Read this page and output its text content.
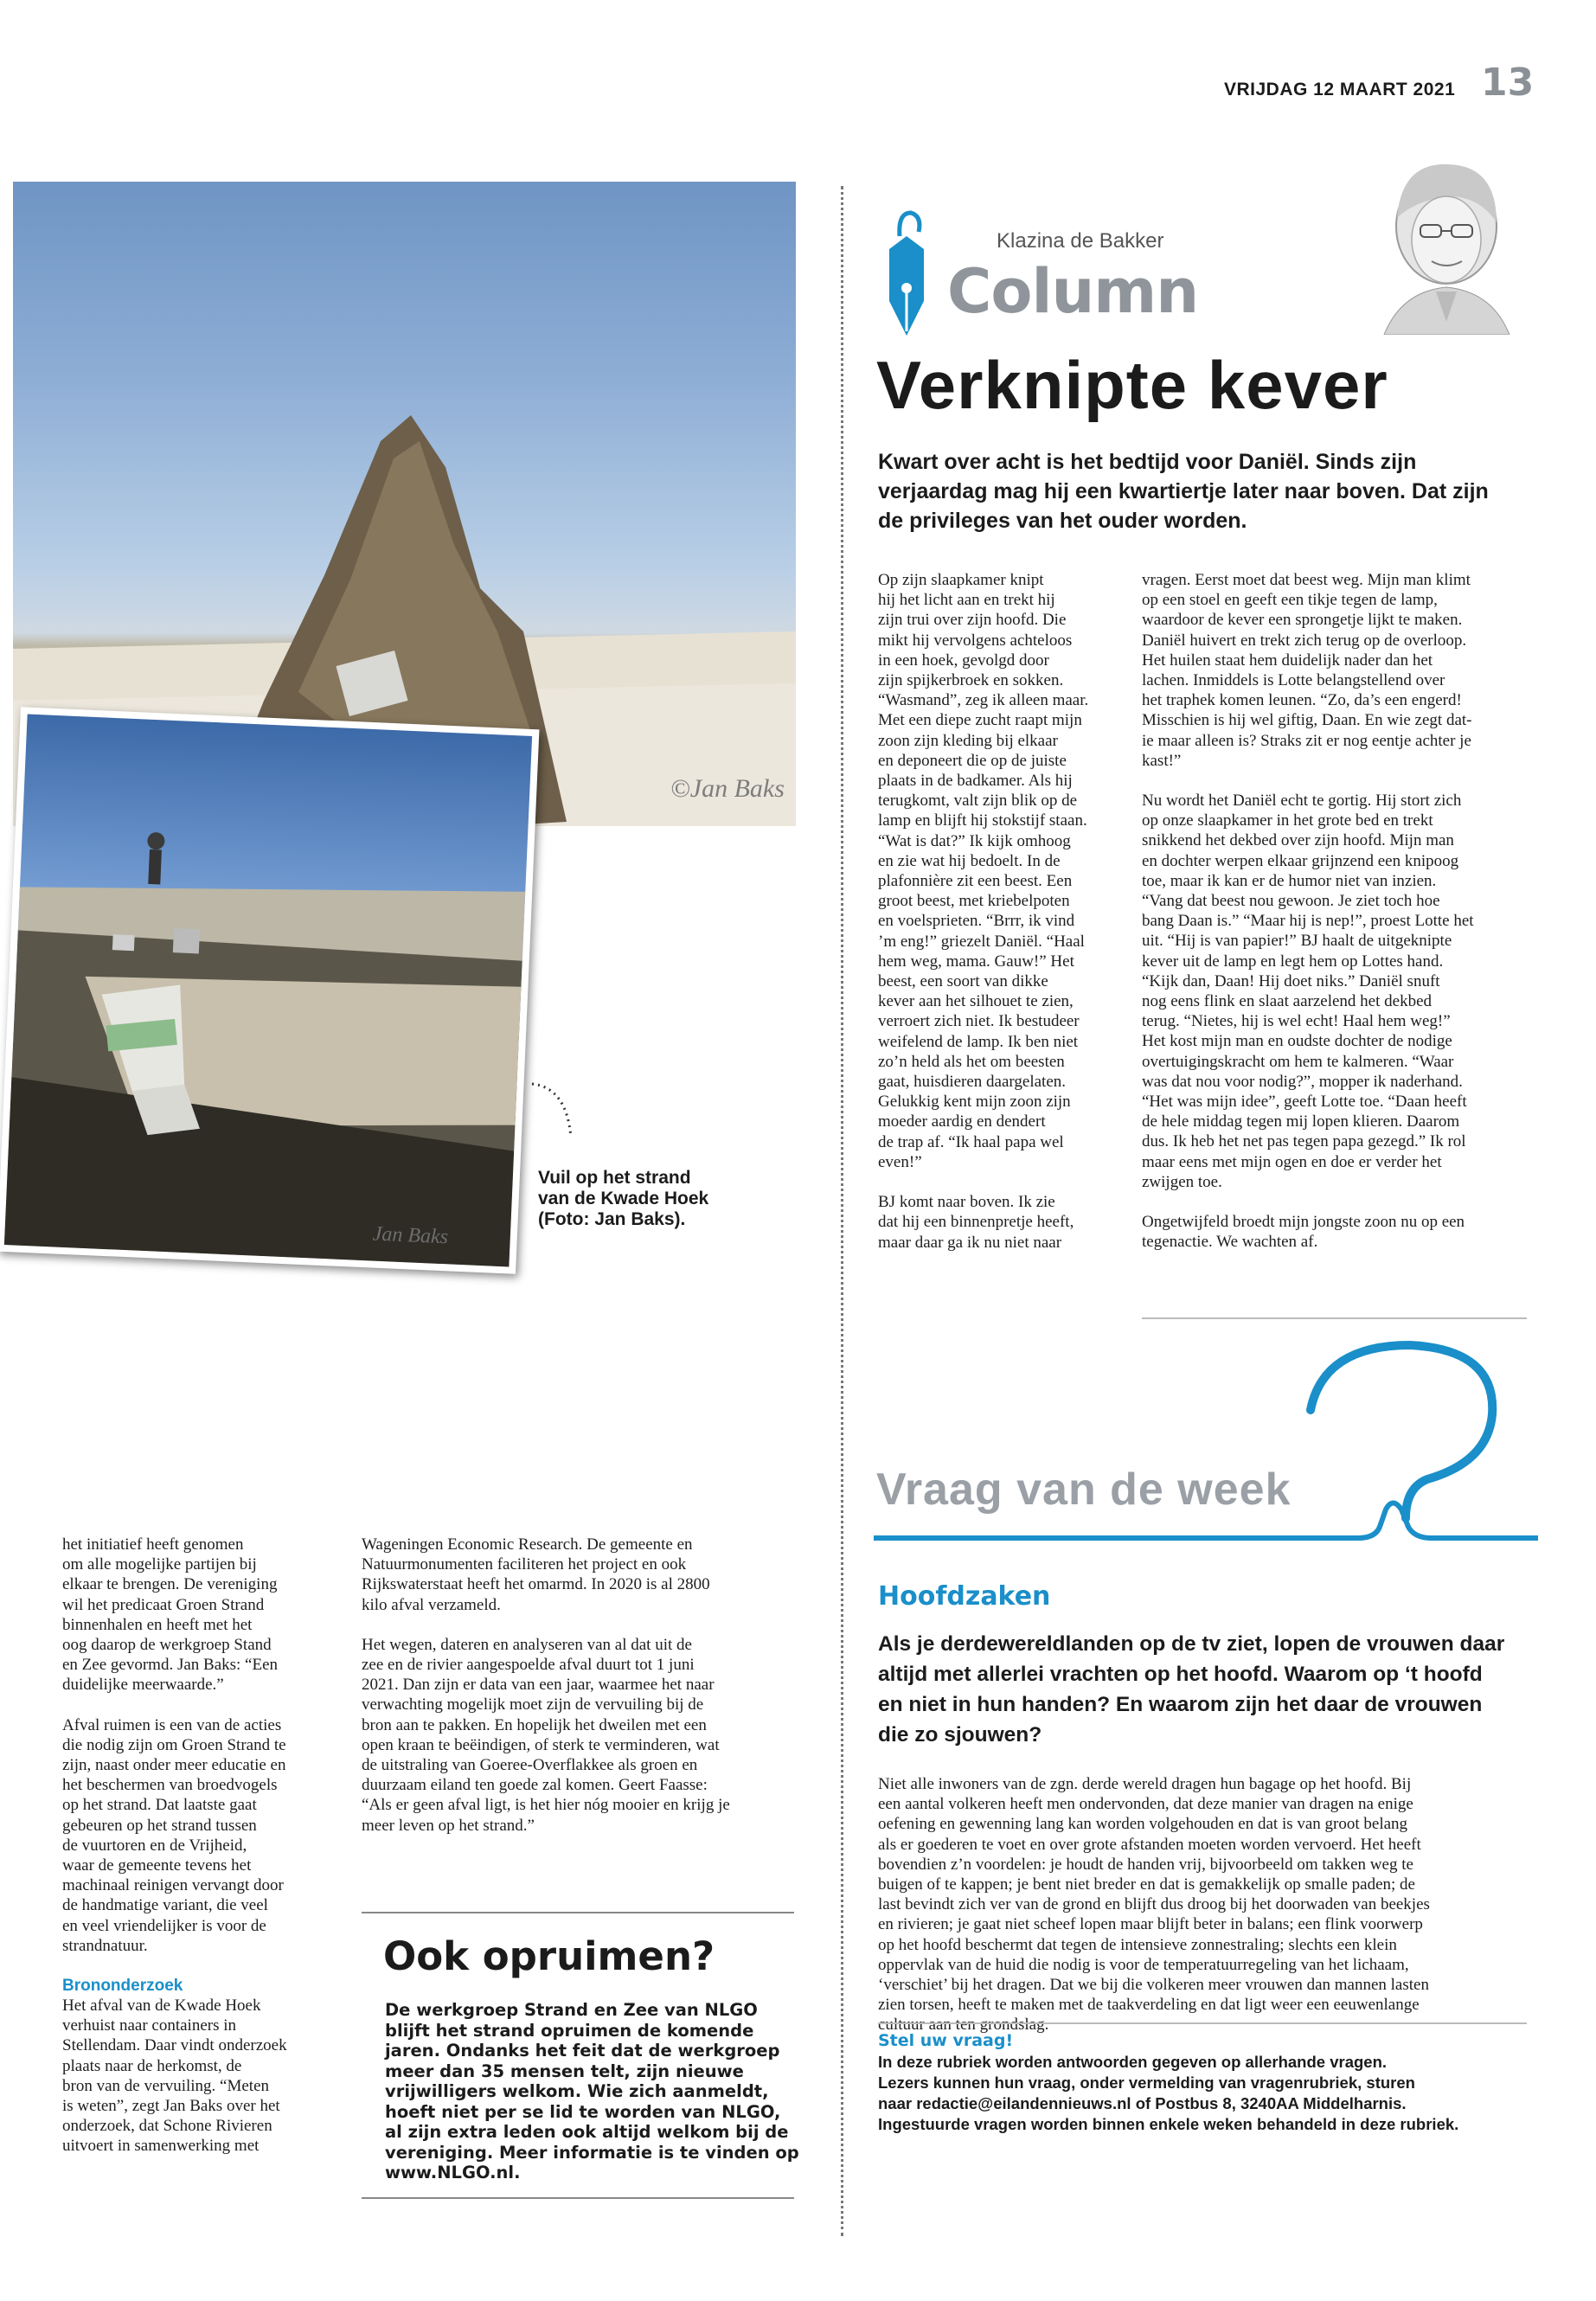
VRIJDAG 12 MAART 2021 13
©Jan Baks
Jan Baks
Vuil op het strand
van de Kwade Hoek
(Foto: Jan Baks).
Klazina de Bakker
Column
Verknipte kever
Kwart over acht is het bedtijd voor Daniël. Sinds zijn
verjaardag mag hij een kwartiertje later naar boven. Dat zijn
de privileges van het ouder worden.

Op zijn slaapkamer knipt
hij het licht aan en trekt hij
zijn trui over zijn hoofd. Die
mikt hij vervolgens achteloos
in een hoek, gevolgd door
zijn spijkerbroek en sokken.
“Wasmand”, zeg ik alleen maar.
Met een diepe zucht raapt mijn
zoon zijn kleding bij elkaar
en deponeert die op de juiste
plaats in de badkamer. Als hij
terugkomt, valt zijn blik op de
lamp en blijft hij stokstijf staan.
“Wat is dat?” Ik kijk omhoog
en zie wat hij bedoelt. In de
plafonnière zit een beest. Een
groot beest, met kriebelpoten
en voelsprieten. “Brrr, ik vind
’m eng!” griezelt Daniël. “Haal
hem weg, mama. Gauw!” Het
beest, een soort van dikke
kever aan het silhouet te zien,
verroert zich niet. Ik bestudeer
weifelend de lamp. Ik ben niet
zo’n held als het om beesten
gaat, huisdieren daargelaten.
Gelukkig kent mijn zoon zijn
moeder aardig en dendert
de trap af. “Ik haal papa wel
even!”

BJ komt naar boven. Ik zie
dat hij een binnenpretje heeft,
maar daar ga ik nu niet naar

vragen. Eerst moet dat beest weg. Mijn man klimt
op een stoel en geeft een tikje tegen de lamp,
waardoor de kever een sprongetje lijkt te maken.
Daniël huivert en trekt zich terug op de overloop.
Het huilen staat hem duidelijk nader dan het
lachen. Inmiddels is Lotte belangstellend over
het traphek komen leunen. “Zo, da’s een engerd!
Misschien is hij wel giftig, Daan. En wie zegt dat-
ie maar alleen is? Straks zit er nog eentje achter je
kast!”

Nu wordt het Daniël echt te gortig. Hij stort zich
op onze slaapkamer in het grote bed en trekt
snikkend het dekbed over zijn hoofd. Mijn man
en dochter werpen elkaar grijnzend een knipoog
toe, maar ik kan er de humor niet van inzien.
“Vang dat beest nou gewoon. Je ziet toch hoe
bang Daan is.” “Maar hij is nep!”, proest Lotte het
uit. “Hij is van papier!” BJ haalt de uitgeknipte
kever uit de lamp en legt hem op Lottes hand.
“Kijk dan, Daan! Hij doet niks.” Daniël snuft
nog eens flink en slaat aarzelend het dekbed
terug. “Nietes, hij is wel echt! Haal hem weg!”
Het kost mijn man en oudste dochter de nodige
overtuigingskracht om hem te kalmeren. “Waar
was dat nou voor nodig?”, mopper ik naderhand.
“Het was mijn idee”, geeft Lotte toe. “Daan heeft
de hele middag tegen mij lopen klieren. Daarom
dus. Ik heb het net pas tegen papa gezegd.” Ik rol
maar eens met mijn ogen en doe er verder het
zwijgen toe.

Ongetwijfeld broedt mijn jongste zoon nu op een
tegenactie. We wachten af.

Vraag van de week
Hoofdzaken
Als je derdewereldlanden op de tv ziet, lopen de vrouwen daar
altijd met allerlei vrachten op het hoofd. Waarom op ‘t hoofd
en niet in hun handen? En waarom zijn het daar de vrouwen
die zo sjouwen?
Niet alle inwoners van de zgn. derde wereld dragen hun bagage op het hoofd. Bij
een aantal volkeren heeft men ondervonden, dat deze manier van dragen na enige
oefening en gewenning lang kan worden volgehouden en dat is van groot belang
als er goederen te voet en over grote afstanden moeten worden vervoerd. Het heeft
bovendien z’n voordelen: je houdt de handen vrij, bijvoorbeeld om takken weg te
buigen of te kappen; je bent niet breder en dat is gemakkelijk op smalle paden; de
last bevindt zich ver van de grond en blijft dus droog bij het doorwaden van beekjes
en rivieren; je gaat niet scheef lopen maar blijft beter in balans; een flink voorwerp
op het hoofd beschermt dat tegen de intensieve zonnestraling; slechts een klein
oppervlak van de huid die nodig is voor de temperatuurregeling van het lichaam,
‘verschiet’ bij het dragen. Dat we bij die volkeren meer vrouwen dan mannen lasten
zien torsen, heeft te maken met de taakverdeling en dat ligt weer een eeuwenlange
cultuur aan ten grondslag.
Stel uw vraag!
In deze rubriek worden antwoorden gegeven op allerhande vragen.
Lezers kunnen hun vraag, onder vermelding van vragenrubriek, sturen
naar redactie@eilandennieuws.nl of Postbus 8, 3240AA Middelharnis.
Ingestuurde vragen worden binnen enkele weken behandeld in deze rubriek.

het initiatief heeft genomen
om alle mogelijke partijen bij
elkaar te brengen. De vereniging
wil het predicaat Groen Strand
binnenhalen en heeft met het
oog daarop de werkgroep Stand
en Zee gevormd. Jan Baks: “Een
duidelijke meerwaarde.”

Afval ruimen is een van de acties
die nodig zijn om Groen Strand te
zijn, naast onder meer educatie en
het beschermen van broedvogels
op het strand. Dat laatste gaat
gebeuren op het strand tussen
de vuurtoren en de Vrijheid,
waar de gemeente tevens het
machinaal reinigen vervangt door
de handmatige variant, die veel
en veel vriendelijker is voor de
strandnatuur.

Brononderzoek

Het afval van de Kwade Hoek
verhuist naar containers in
Stellendam. Daar vindt onderzoek
plaats naar de herkomst, de
bron van de vervuiling. “Meten
is weten”, zegt Jan Baks over het
onderzoek, dat Schone Rivieren
uitvoert in samenwerking met

Wageningen Economic Research. De gemeente en
Natuurmonumenten faciliteren het project en ook
Rijkswaterstaat heeft het omarmd. In 2020 is al 2800
kilo afval verzameld.

Het wegen, dateren en analyseren van al dat uit de
zee en de rivier aangespoelde afval duurt tot 1 juni
2021. Dan zijn er data van een jaar, waarmee het naar
verwachting mogelijk moet zijn de vervuiling bij de
bron aan te pakken. En hopelijk het dweilen met een
open kraan te beëindigen, of sterk te verminderen, wat
de uitstraling van Goeree-Overflakkee als groen en
duurzaam eiland ten goede zal komen. Geert Faasse:
“Als er geen afval ligt, is het hier nóg mooier en krijg je
meer leven op het strand.”

Ook opruimen?
De werkgroep Strand en Zee van NLGO
blijft het strand opruimen de komende
jaren. Ondanks het feit dat de werkgroep
meer dan 35 mensen telt, zijn nieuwe
vrijwilligers welkom. Wie zich aanmeldt,
hoeft niet per se lid te worden van NLGO,
al zijn extra leden ook altijd welkom bij de
vereniging. Meer informatie is te vinden op
www.NLGO.nl.
